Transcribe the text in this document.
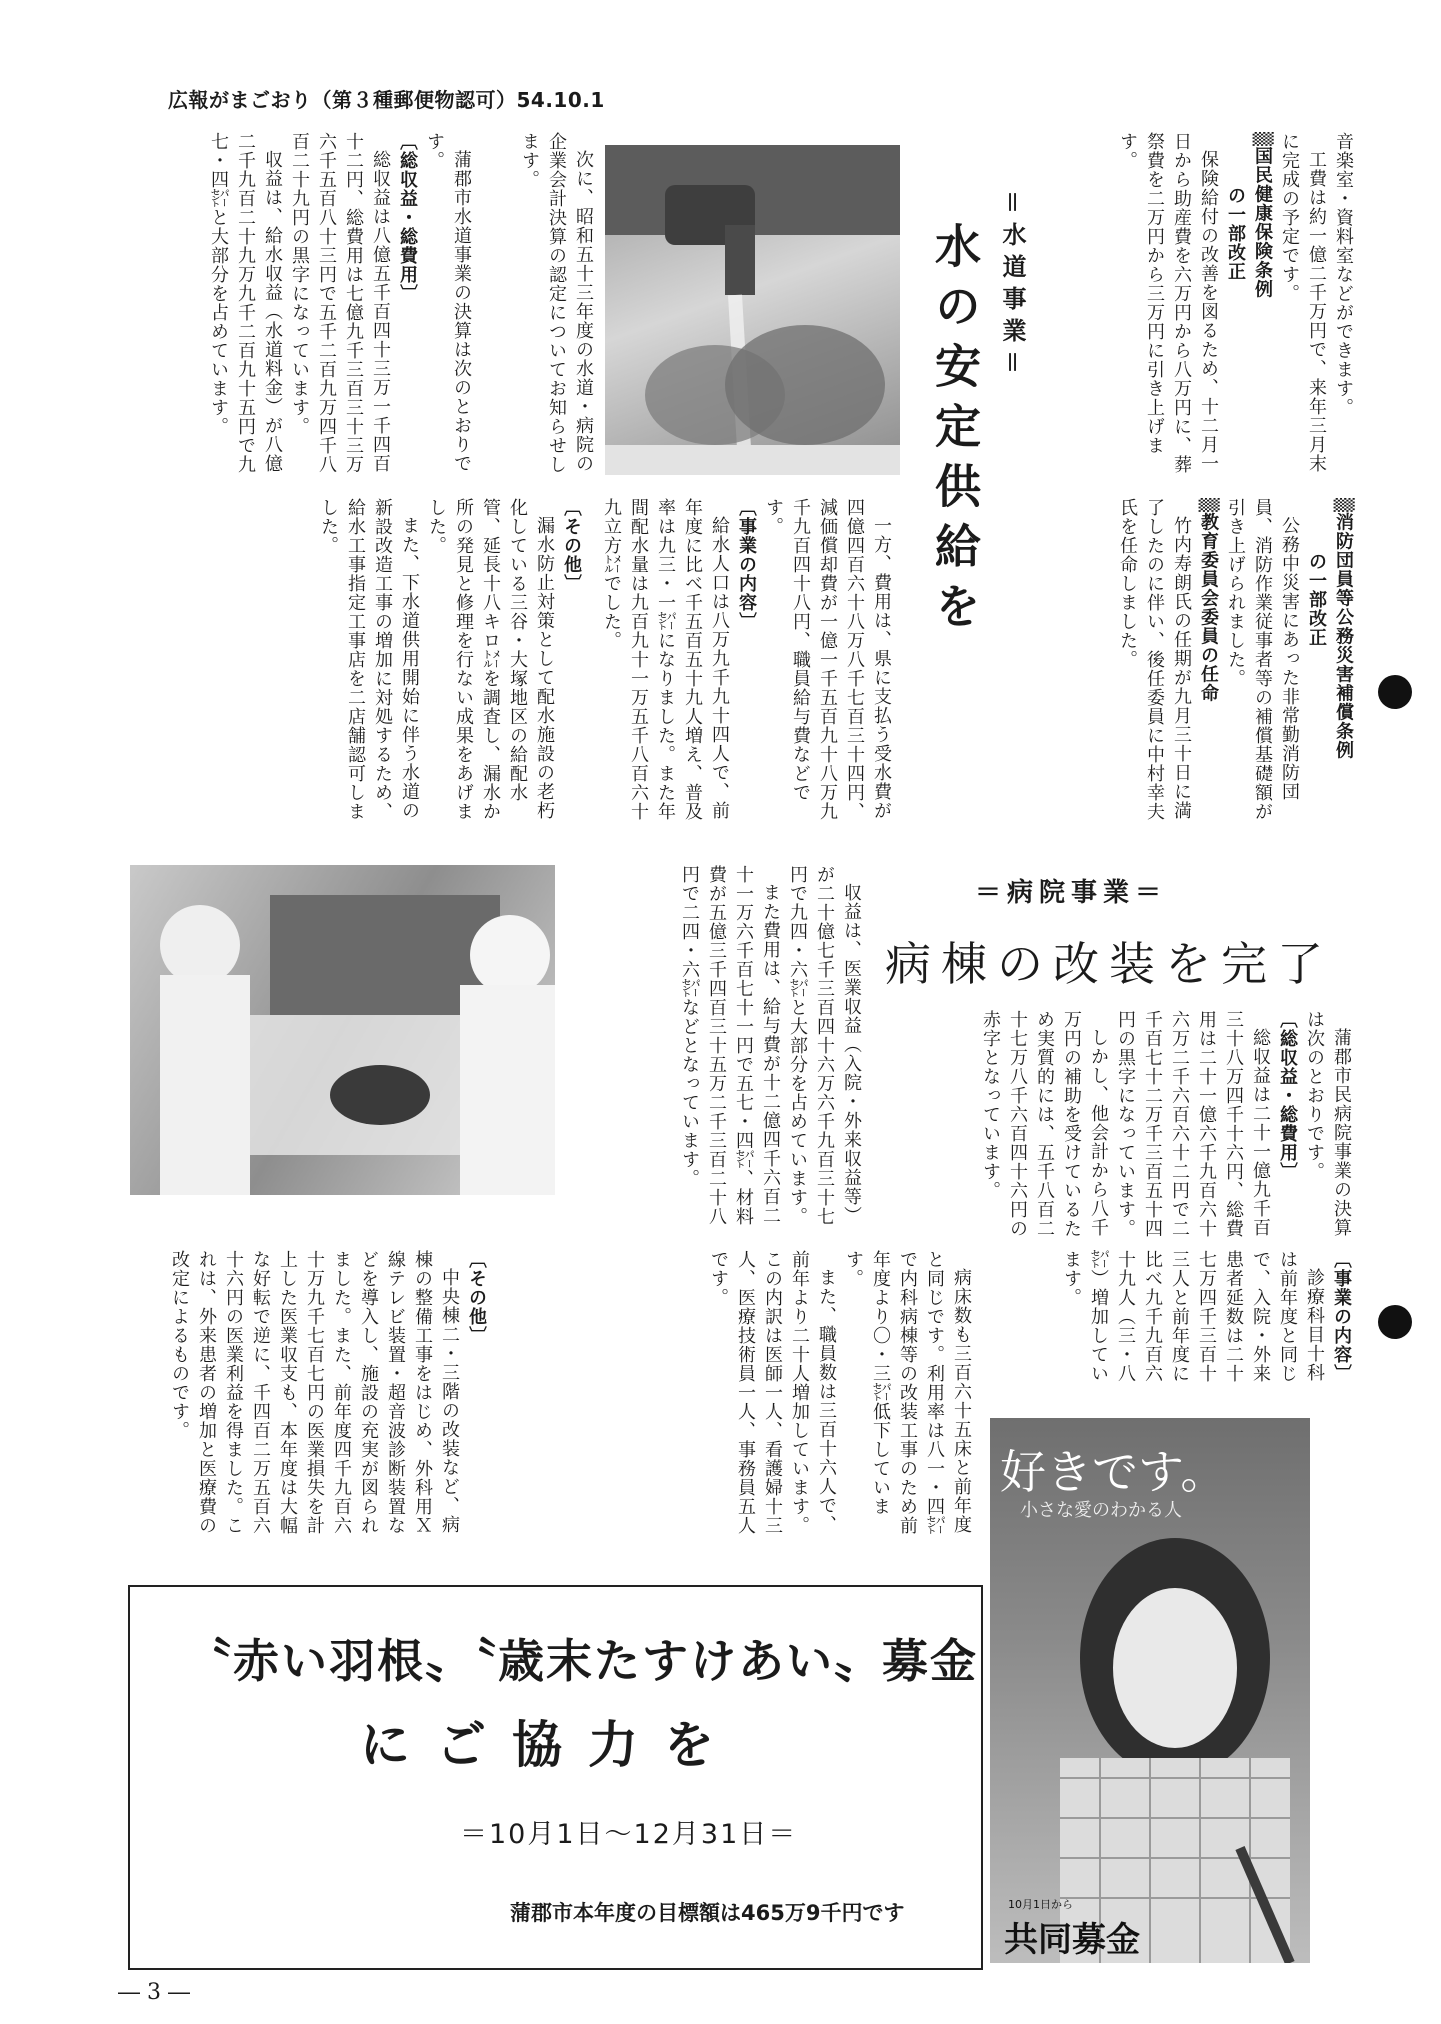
広報がまごおり（第３種郵便物認可）54.10.1

音楽室・資料室などができます。

工費は約一億二千万円で、来年三月末に完成の予定です。

▒国民健康保険条例

の一部改正

保険給付の改善を図るため、十二月一日から助産費を六万円から八万円に、葬祭費を二万円から三万円に引き上げます。

▒消防団員等公務災害補償条例

の一部改正

公務中災害にあった非常勤消防団員、消防作業従事者等の補償基礎額が引き上げられました。

▒教育委員会委員の任命

竹内寿朗氏の任期が九月三十日に満了したのに伴い、後任委員に中村幸夫氏を任命しました。

＝水道事業＝
水の安定供給を

次に、昭和五十三年度の水道・病院の企業会計決算の認定についてお知らせします。

蒲郡市水道事業の決算は次のとおりです。

〔総収益・総費用〕

総収益は八億五千百四十三万一千四百十二円、総費用は七億九千三百三十三万六千五百八十三円で五千二百九万四千八百二十九円の黒字になっています。

収益は、給水収益（水道料金）が八億二千九百二十九万九千二百九十五円で九七・四㌫と大部分を占めています。

一方、費用は、県に支払う受水費が四億四百六十八万八千七百三十四円、減価償却費が一億一千五百九十八万九千九百四十八円、職員給与費などです。

〔事業の内容〕

給水人口は八万九千九十四人で、前年度に比べ千五百五十九人増え、普及率は九三・一㌫になりました。また年間配水量は九百九十一万五千八百六十九立方㍍でした。

〔その他〕

漏水防止対策として配水施設の老朽化している三谷・大塚地区の給配水管、延長十八キロ㍍を調査し、漏水か所の発見と修理を行ない成果をあげました。

また、下水道供用開始に伴う水道の新設改造工事の増加に対処するため、給水工事指定工事店を二店舗認可しました。

＝病院事業＝
病棟の改装を完了

蒲郡市民病院事業の決算は次のとおりです。

〔総収益・総費用〕

総収益は二十一億九千百三十八万四千十六円、総費用は二十一億六千九百六十六万二千六百六十二円で二千百七十二万千三百五十四円の黒字になっています。

しかし、他会計から八千万円の補助を受けているため実質的には、五千八百二十七万八千六百四十六円の赤字となっています。

収益は、医業収益（入院・外来収益等）が二十億七千三百四十六万六千九百三十七円で九四・六㌫と大部分を占めています。

また費用は、給与費が十二億四千六百二十一万六千百七十一円で五七・四㌫、材料費が五億三千四百三十五万二千三百二十八円で二四・六㌫などとなっています。

〔事業の内容〕

診療科目十科は前年度と同じで、入院・外来患者延数は二十七万四千三百十三人と前年度に比べ九千九百六十九人（三・八㌫）増加しています。

病床数も三百六十五床と前年度と同じです。利用率は八一・四㌫で内科病棟等の改装工事のため前年度より〇・三㌫低下しています。

また、職員数は三百十六人で、前年より二十人増加しています。この内訳は医師一人、看護婦十三人、医療技術員一人、事務員五人です。

〔その他〕

中央棟二・三階の改装など、病棟の整備工事をはじめ、外科用Ｘ線テレビ装置・超音波診断装置などを導入し、施設の充実が図られました。また、前年度四千九百六十万九千七百七円の医業損失を計上した医業収支も、本年度は大幅な好転で逆に、千四百二万五百六十六円の医業利益を得ました。これは、外来患者の増加と医療費の改定によるものです。

〝赤い羽根〟〝歳末たすけあい〟募金
にご協力を
＝10月1日～12月31日＝
蒲郡市本年度の目標額は465万9千円です
好きです。
小さな愛のわかる人
10月1日から
共同募金
― 3 ―
